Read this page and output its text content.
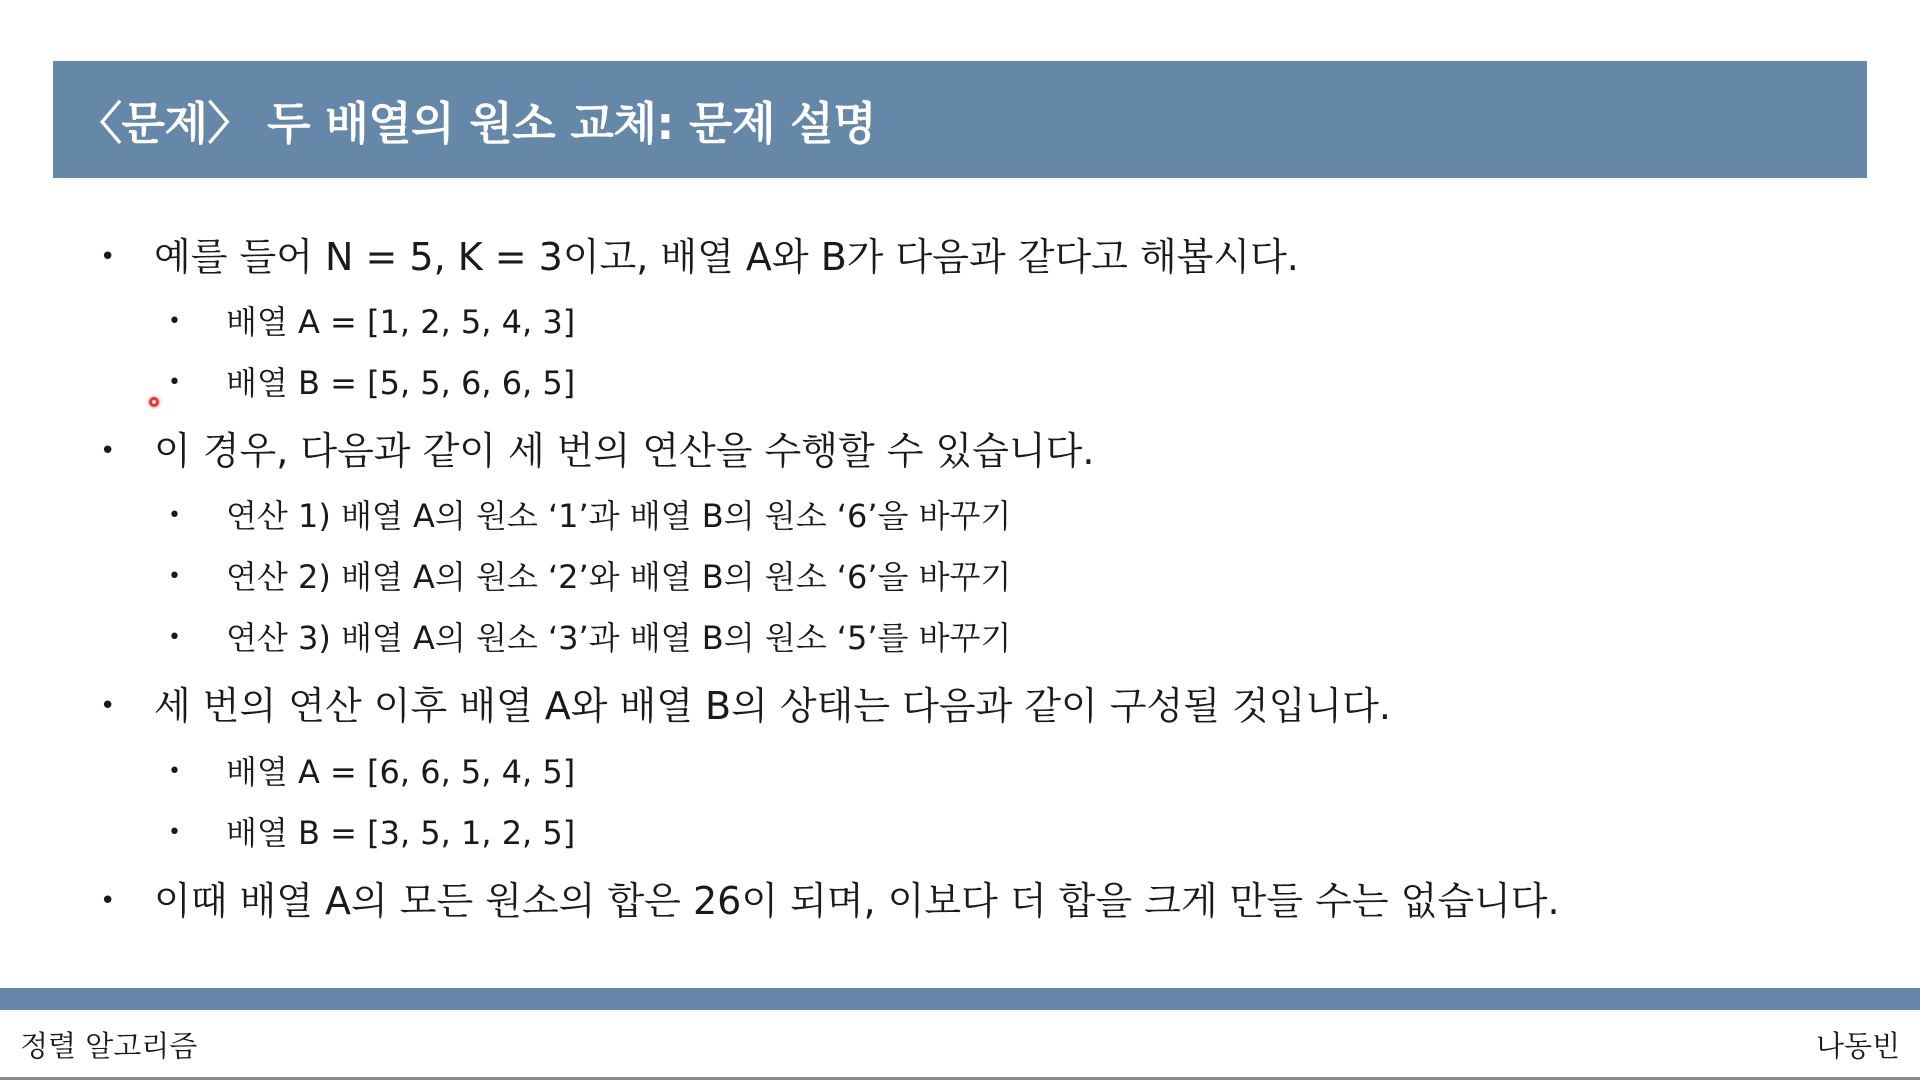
〈문제〉 두 배열의 원소 교체: 문제 설명
• 예를 들어 N = 5, K = 3이고, 배열 A와 B가 다음과 같다고 해봅시다.
• 배열 A = [1, 2, 5, 4, 3]
• 배열 B = [5, 5, 6, 6, 5]
• 이 경우, 다음과 같이 세 번의 연산을 수행할 수 있습니다.
• 연산 1) 배열 A의 원소 ‘1’과 배열 B의 원소 ‘6’을 바꾸기
• 연산 2) 배열 A의 원소 ‘2’와 배열 B의 원소 ‘6’을 바꾸기
• 연산 3) 배열 A의 원소 ‘3’과 배열 B의 원소 ‘5’를 바꾸기
• 세 번의 연산 이후 배열 A와 배열 B의 상태는 다음과 같이 구성될 것입니다.
• 배열 A = [6, 6, 5, 4, 5]
• 배열 B = [3, 5, 1, 2, 5]
• 이때 배열 A의 모든 원소의 합은 26이 되며, 이보다 더 합을 크게 만들 수는 없습니다.
정렬 알고리즘	나동빈
